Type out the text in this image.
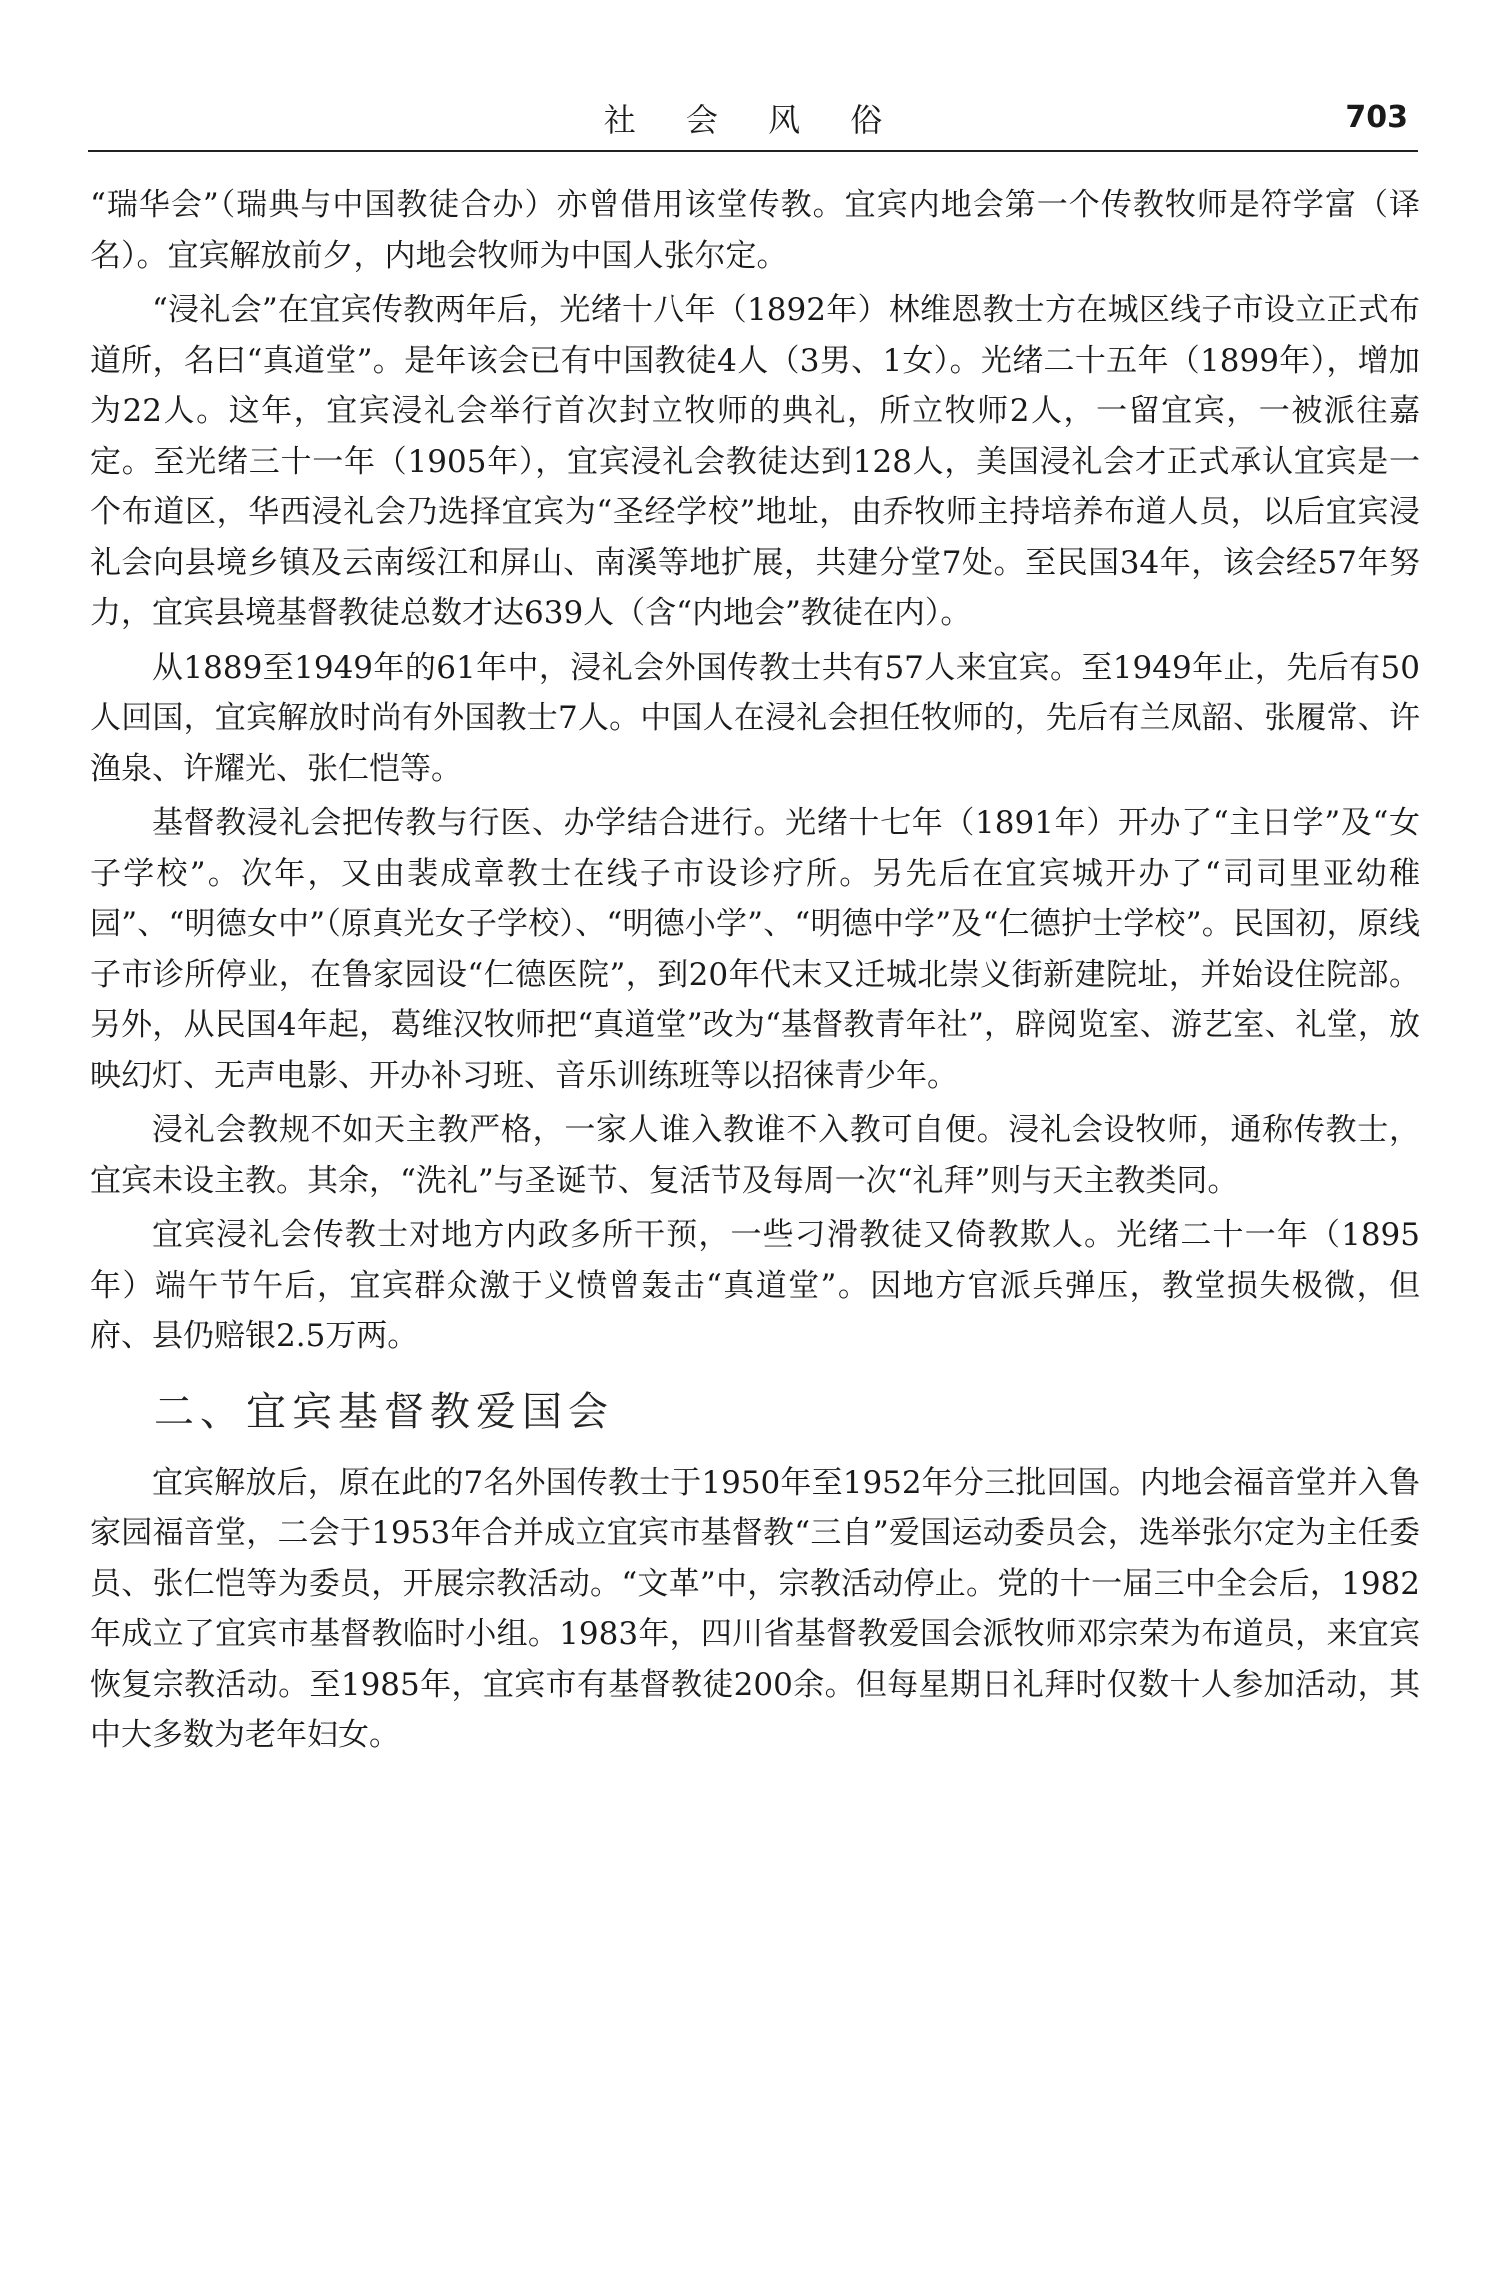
社 会 风 俗	703

“瑞华会”（瑞典与中国教徒合办）亦曾借用该堂传教。宜宾内地会第一个传教牧师是符学富（译名）。宜宾解放前夕，内地会牧师为中国人张尔定。

“浸礼会”在宜宾传教两年后，光绪十八年（1892年）林维恩教士方在城区线子市设立正式布道所，名曰“真道堂”。是年该会已有中国教徒4人（3男、1女）。光绪二十五年（1899年），增加为22人。这年，宜宾浸礼会举行首次封立牧师的典礼，所立牧师2人，一留宜宾，一被派往嘉定。至光绪三十一年（1905年），宜宾浸礼会教徒达到128人，美国浸礼会才正式承认宜宾是一个布道区，华西浸礼会乃选择宜宾为“圣经学校”地址，由乔牧师主持培养布道人员，以后宜宾浸礼会向县境乡镇及云南绥江和屏山、南溪等地扩展，共建分堂7处。至民国34年，该会经57年努力，宜宾县境基督教徒总数才达639人（含“内地会”教徒在内）。

从1889至1949年的61年中，浸礼会外国传教士共有57人来宜宾。至1949年止，先后有50人回国，宜宾解放时尚有外国教士7人。中国人在浸礼会担任牧师的，先后有兰凤韶、张履常、许渔泉、许耀光、张仁恺等。

基督教浸礼会把传教与行医、办学结合进行。光绪十七年（1891年）开办了“主日学”及“女子学校”。次年，又由裴成章教士在线子市设诊疗所。另先后在宜宾城开办了“司司里亚幼稚园”、“明德女中”（原真光女子学校）、“明德小学”、“明德中学”及“仁德护士学校”。民国初，原线子市诊所停业，在鲁家园设“仁德医院”，到20年代末又迁城北崇义街新建院址，并始设住院部。另外，从民国4年起，葛维汉牧师把“真道堂”改为“基督教青年社”，辟阅览室、游艺室、礼堂，放映幻灯、无声电影、开办补习班、音乐训练班等以招徕青少年。

浸礼会教规不如天主教严格，一家人谁入教谁不入教可自便。浸礼会设牧师，通称传教士，宜宾未设主教。其余，“洗礼”与圣诞节、复活节及每周一次“礼拜”则与天主教类同。

宜宾浸礼会传教士对地方内政多所干预，一些刁滑教徒又倚教欺人。光绪二十一年（1895年）端午节午后，宜宾群众激于义愤曾轰击“真道堂”。因地方官派兵弹压，教堂损失极微，但府、县仍赔银2.5万两。

二、宜宾基督教爱国会

宜宾解放后，原在此的7名外国传教士于1950年至1952年分三批回国。内地会福音堂并入鲁家园福音堂，二会于1953年合并成立宜宾市基督教“三自”爱国运动委员会，选举张尔定为主任委员、张仁恺等为委员，开展宗教活动。“文革”中，宗教活动停止。党的十一届三中全会后，1982年成立了宜宾市基督教临时小组。1983年，四川省基督教爱国会派牧师邓宗荣为布道员，来宜宾恢复宗教活动。至1985年，宜宾市有基督教徒200余。但每星期日礼拜时仅数十人参加活动，其中大多数为老年妇女。
